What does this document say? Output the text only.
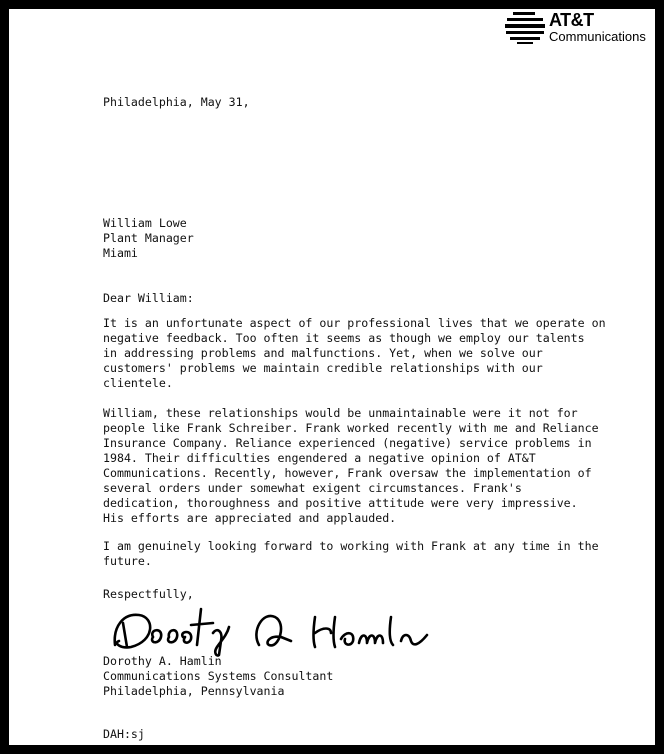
AT&T
Communications
Philadelphia, May 31,
William Lowe
Plant Manager
Miami
Dear William:
It is an unfortunate aspect of our professional lives that we operate on
negative feedback. Too often it seems as though we employ our talents
in addressing problems and malfunctions. Yet, when we solve our
customers' problems we maintain credible relationships with our
clientele.
William, these relationships would be unmaintainable were it not for
people like Frank Schreiber. Frank worked recently with me and Reliance
Insurance Company. Reliance experienced (negative) service problems in
1984. Their difficulties engendered a negative opinion of AT&T
Communications. Recently, however, Frank oversaw the implementation of
several orders under somewhat exigent circumstances. Frank's
dedication, thoroughness and positive attitude were very impressive.
His efforts are appreciated and applauded.
I am genuinely looking forward to working with Frank at any time in the
future.
Respectfully,
Dorothy A. Hamlin
Communications Systems Consultant
Philadelphia, Pennsylvania
DAH:sj
